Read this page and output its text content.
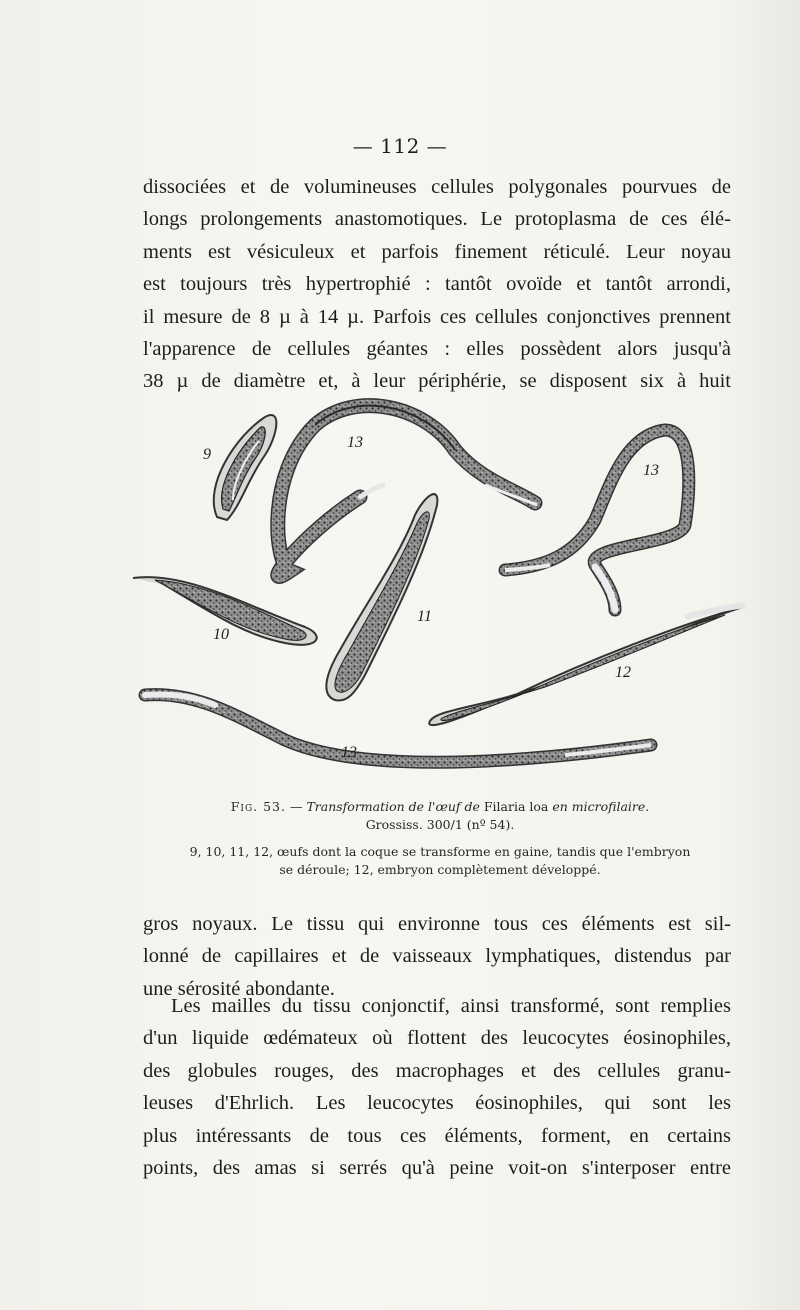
— 112 —
dissociées et de volumineuses cellules polygonales pourvues de
longs prolongements anastomotiques. Le protoplasma de ces élé-
ments est vésiculeux et parfois finement réticulé. Leur noyau
est toujours très hypertrophié : tantôt ovoïde et tantôt arrondi,
il mesure de 8 µ à 14 µ. Parfois ces cellules conjonctives prennent
l'apparence de cellules géantes : elles possèdent alors jusqu'à
38 µ de diamètre et, à leur périphérie, se disposent six à huit
9
13
13
10
11
12
13
Fig. 53. — Transformation de l'œuf de Filaria loa en microfilaire.
Grossiss. 300/1 (nº 54).
9, 10, 11, 12, œufs dont la coque se transforme en gaine, tandis que l'embryon
se déroule; 12, embryon complètement développé.
gros noyaux. Le tissu qui environne tous ces éléments est sil-
lonné de capillaires et de vaisseaux lymphatiques, distendus par
une sérosité abondante.
Les mailles du tissu conjonctif, ainsi transformé, sont remplies
d'un liquide œdémateux où flottent des leucocytes éosinophiles,
des globules rouges, des macrophages et des cellules granu-
leuses d'Ehrlich. Les leucocytes éosinophiles, qui sont les
plus intéressants de tous ces éléments, forment, en certains
points, des amas si serrés qu'à peine voit-on s'interposer entre
